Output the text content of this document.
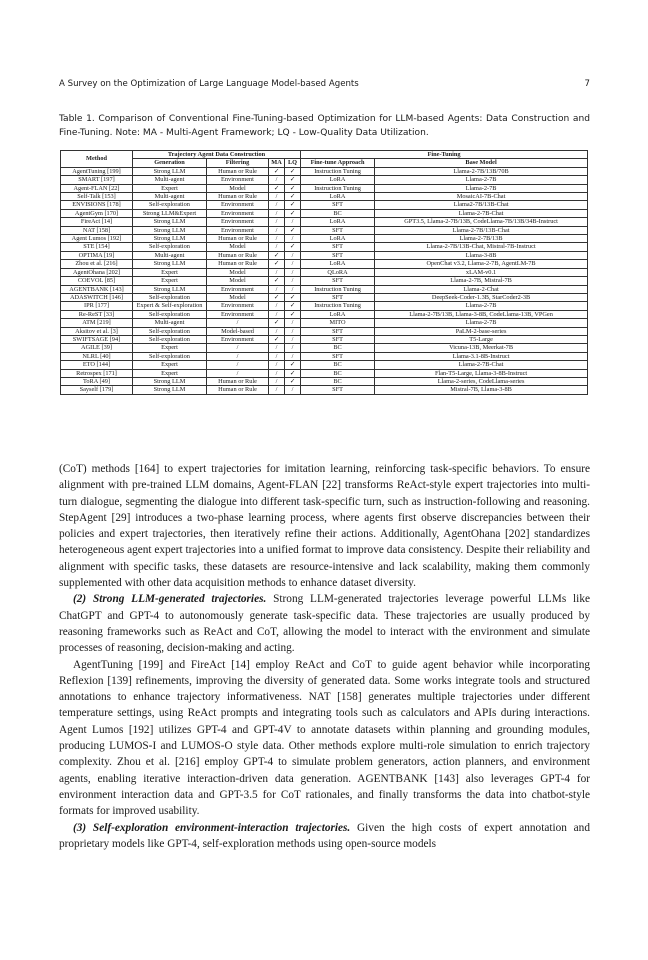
A Survey on the Optimization of Large Language Model-based Agents	7
Table 1. Comparison of Conventional Fine-Tuning-based Optimization for LLM-based Agents: Data Construction and Fine-Tuning. Note: MA - Multi-Agent Framework; LQ - Low-Quality Data Utilization.
Method	Trajectory Agent Data Construction				Fine-Tuning	
	Generation	Filtering	MA	LQ	Fine-tune Approach	Base Model
AgentTuning [199]	Strong LLM	Human or Rule	✓	✓	Instruction Tuning	Llama-2-7B/13B/70B
SMART [197]	Multi-agent	Environment	/	✓	LoRA	Llama-2-7B
Agent-FLAN [22]	Expert	Model	✓	✓	Instruction Tuning	Llama-2-7B
Self-Talk [153]	Multi-agent	Human or Rule	/	✓	LoRA	MosaicAI-7B-Chat
ENVISIONS [178]	Self-exploration	Environment	/	✓	SFT	Llama2-7B/13B-Chat
AgentGym [170]	Strong LLM&Expert	Environment	/	✓	BC	Llama-2-7B-Chat
FireAct [14]	Strong LLM	Environment	/	/	LoRA	GPT3.5, Llama-2-7B/13B, CodeLlama-7B/13B/34B-Instruct
NAT [158]	Strong LLM	Environment	/	✓	SFT	Llama-2-7B/13B-Chat
Agent Lumos [192]	Strong LLM	Human or Rule	/	/	LoRA	Llama-2-7B/13B
STE [154]	Self-exploration	Model	/	✓	SFT	Llama-2-7B/13B-Chat, Mistral-7B-Instruct
OPTIMA [19]	Multi-agent	Human or Rule	✓	/	SFT	Llama-3-8B
Zhou et al. [216]	Strong LLM	Human or Rule	✓	/	LoRA	OpenChat v3.2, Llama-2-7B, AgentLM-7B
AgentOhana [202]	Expert	Model	/	/	QLoRA	xLAM-v0.1
COEVOL [85]	Expert	Model	✓	/	SFT	Llama-2-7B, Mistral-7B
AGENTBANK [143]	Strong LLM	Environment	/	/	Instruction Tuning	Llama-2-Chat
ADASWITCH [146]	Self-exploration	Model	✓	✓	SFT	DeepSeek-Coder-1.3B, StarCoder2-3B
IPR [177]	Expert & Self-exploration	Environment	/	✓	Instruction Tuning	Llama-2-7B
Re-ReST [33]	Self-exploration	Environment	/	✓	LoRA	Llama-2-7B/13B, Llama-3-8B, CodeLlama-13B, VPGen
ATM [219]	Multi-agent	/	✓	/	MITO	Llama-2-7B
Aksitov et al. [3]	Self-exploration	Model-based	/	/	SFT	PaLM-2-base-series
SWIFTSAGE [94]	Self-exploration	Environment	✓	/	SFT	T5-Large
AGILE [39]	Expert	/	/	/	BC	Vicuna-13B, Meerkat-7B
NLRL [40]	Self-exploration	/	/	/	SFT	Llama-3.1-8B-Instruct
ETO [144]	Expert	/	/	✓	BC	Llama-2-7B-Chat
Retrospex [171]	Expert	/	/	✓	BC	Flan-T5-Large, Llama-3-8B-Instruct
ToRA [49]	Strong LLM	Human or Rule	/	✓	BC	Llama-2-series, CodeLlama-series
Sayself [179]	Strong LLM	Human or Rule	/	/	SFT	Mistral-7B, Llama-3-8B

(CoT) methods [164] to expert trajectories for imitation learning, reinforcing task-specific behaviors. To ensure alignment with pre-trained LLM domains, Agent-FLAN [22] transforms ReAct-style expert trajectories into multi-turn dialogue, segmenting the dialogue into different task-specific turn, such as instruction-following and reasoning. StepAgent [29] introduces a two-phase learning process, where agents first observe discrepancies between their policies and expert trajectories, then iteratively refine their actions. Additionally, AgentOhana [202] standardizes heterogeneous agent expert trajectories into a unified format to improve data consistency. Despite their reliability and alignment with specific tasks, these datasets are resource-intensive and lack scalability, making them commonly supplemented with other data acquisition methods to enhance dataset diversity.

(2) Strong LLM-generated trajectories. Strong LLM-generated trajectories leverage powerful LLMs like ChatGPT and GPT-4 to autonomously generate task-specific data. These trajectories are usually produced by reasoning frameworks such as ReAct and CoT, allowing the model to interact with the environment and simulate processes of reasoning, decision-making and acting.

AgentTuning [199] and FireAct [14] employ ReAct and CoT to guide agent behavior while incorporating Reflexion [139] refinements, improving the diversity of generated data. Some works integrate tools and structured annotations to enhance trajectory informativeness. NAT [158] generates multiple trajectories under different temperature settings, using ReAct prompts and integrating tools such as calculators and APIs during interactions. Agent Lumos [192] utilizes GPT-4 and GPT-4V to annotate datasets within planning and grounding modules, producing LUMOS-I and LUMOS-O style data. Other methods explore multi-role simulation to enrich trajectory complexity. Zhou et al. [216] employ GPT-4 to simulate problem generators, action planners, and environment agents, enabling iterative interaction-driven data generation. AGENTBANK [143] also leverages GPT-4 for environment interaction data and GPT-3.5 for CoT rationales, and finally transforms the data into chatbot-style formats for improved usability.

(3) Self-exploration environment-interaction trajectories. Given the high costs of expert annotation and proprietary models like GPT-4, self-exploration methods using open-source models
